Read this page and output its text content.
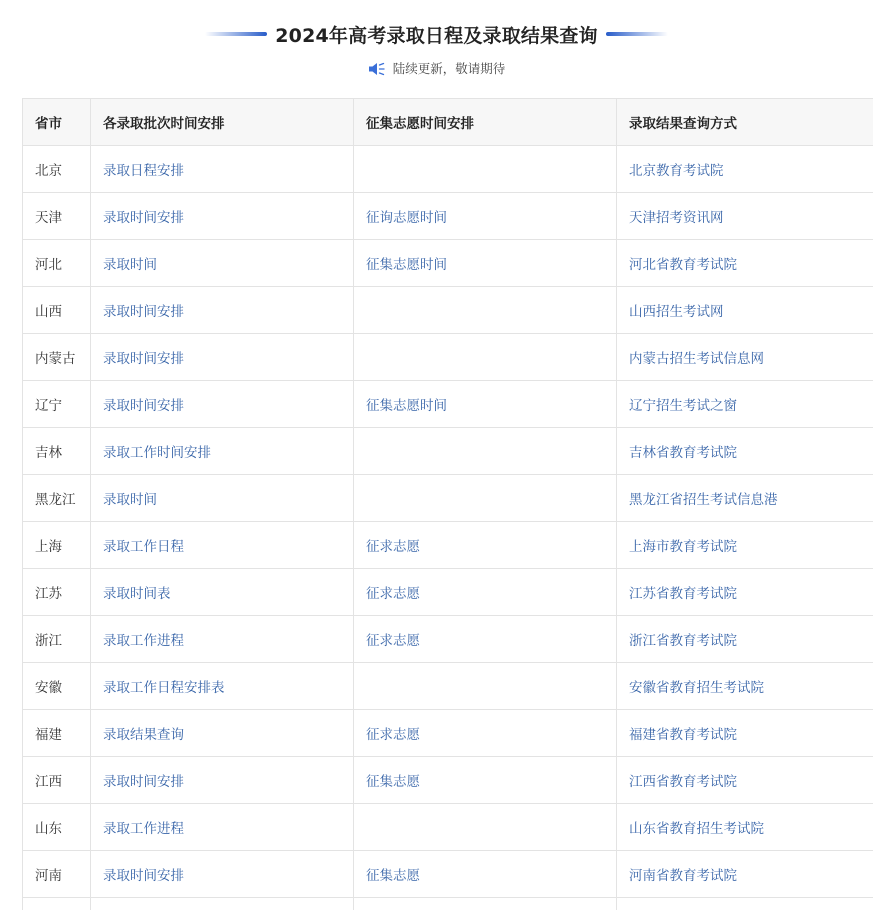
2024年高考录取日程及录取结果查询
陆续更新，敬请期待
省市	各录取批次时间安排	征集志愿时间安排	录取结果查询方式
北京	录取日程安排		北京教育考试院
天津	录取时间安排	征询志愿时间	天津招考资讯网
河北	录取时间	征集志愿时间	河北省教育考试院
山西	录取时间安排		山西招生考试网
内蒙古	录取时间安排		内蒙古招生考试信息网
辽宁	录取时间安排	征集志愿时间	辽宁招生考试之窗
吉林	录取工作时间安排		吉林省教育考试院
黑龙江	录取时间		黑龙江省招生考试信息港
上海	录取工作日程	征求志愿	上海市教育考试院
江苏	录取时间表	征求志愿	江苏省教育考试院
浙江	录取工作进程	征求志愿	浙江省教育考试院
安徽	录取工作日程安排表		安徽省教育招生考试院
福建	录取结果查询	征求志愿	福建省教育考试院
江西	录取时间安排	征集志愿	江西省教育考试院
山东	录取工作进程		山东省教育招生考试院
河南	录取时间安排	征集志愿	河南省教育考试院
